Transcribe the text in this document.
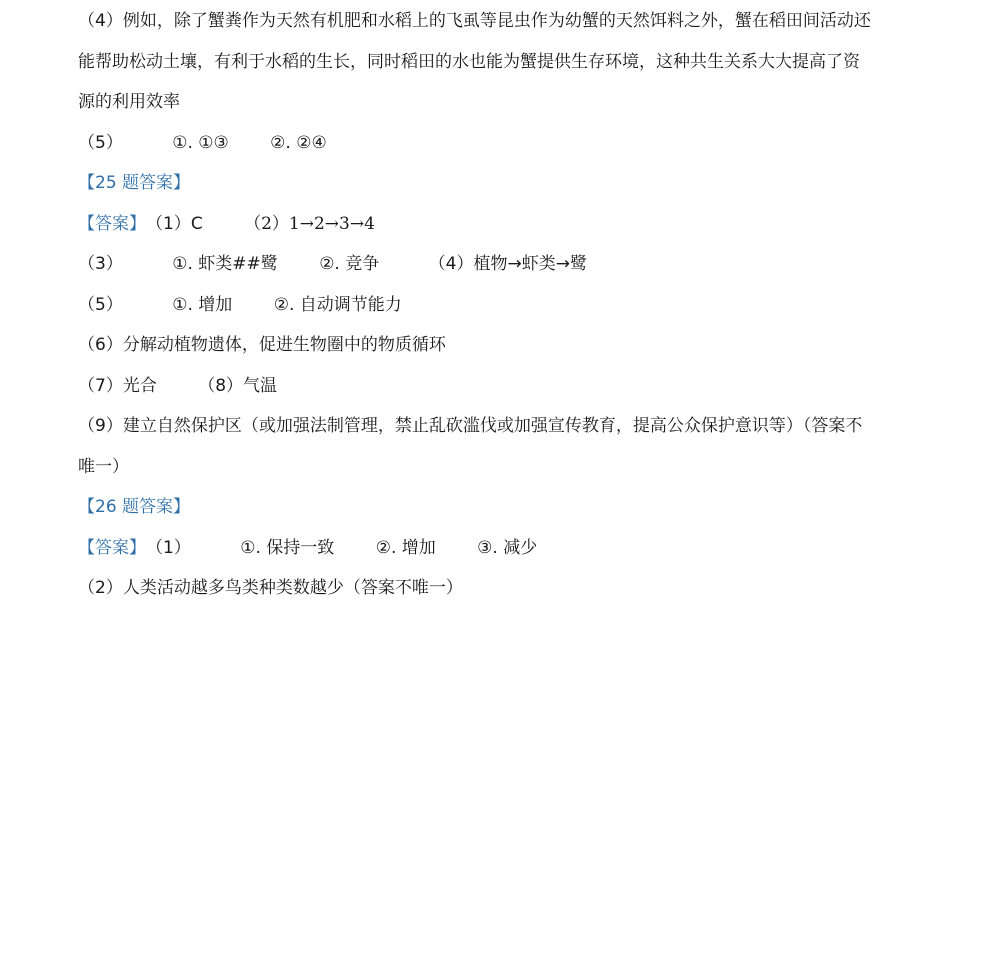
（4）例如，除了蟹粪作为天然有机肥和水稻上的飞虱等昆虫作为幼蟹的天然饵料之外，蟹在稻田间活动还
能帮助松动土壤，有利于水稻的生长，同时稻田的水也能为蟹提供生存环境，这种共生关系大大提高了资
源的利用效率
（5）	①. ①③ ②. ②④
【25 题答案】
【答案】（1）C （2）1→2→3→4
（3）	①. 虾类##鹭 ②. 竞争	（4）植物→虾类→鹭
（5）	①. 增加 ②. 自动调节能力
（6）分解动植物遗体，促进生物圈中的物质循环
（7）光合 （8）气温
（9）建立自然保护区（或加强法制管理，禁止乱砍滥伐或加强宣传教育，提高公众保护意识等）（答案不
唯一）
【26 题答案】
【答案】（1）	①. 保持一致 ②. 增加 ③. 减少
（2）人类活动越多鸟类种类数越少（答案不唯一）
